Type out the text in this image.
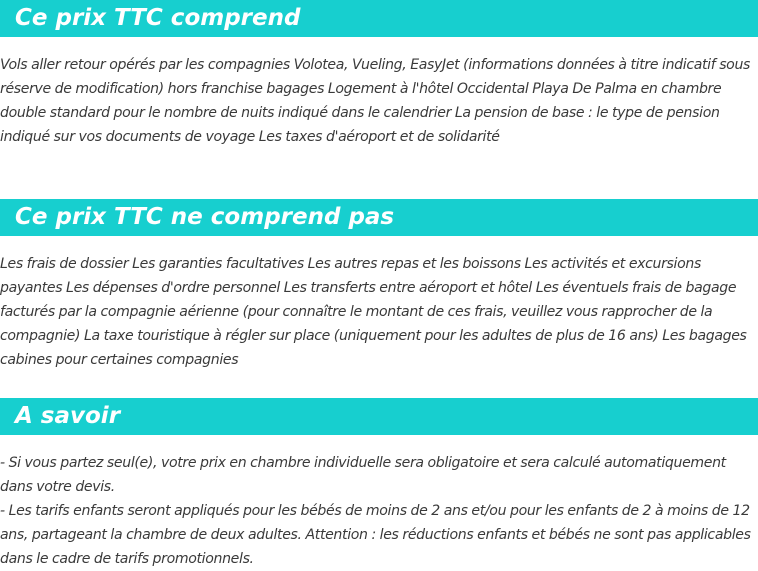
Ce prix TTC comprend

Vols aller retour opérés par les compagnies Volotea, Vueling, EasyJet (informations données à titre indicatif sous réserve de modification) hors franchise bagages Logement à l'hôtel Occidental Playa De Palma en chambre double standard pour le nombre de nuits indiqué dans le calendrier La pension de base : le type de pension indiqué sur vos documents de voyage Les taxes d'aéroport et de solidarité

Ce prix TTC ne comprend pas

Les frais de dossier Les garanties facultatives Les autres repas et les boissons Les activités et excursions payantes Les dépenses d'ordre personnel Les transferts entre aéroport et hôtel Les éventuels frais de bagage facturés par la compagnie aérienne (pour connaître le montant de ces frais, veuillez vous rapprocher de la compagnie) La taxe touristique à régler sur place (uniquement pour les adultes de plus de 16 ans) Les bagages cabines pour certaines compagnies

A savoir

- Si vous partez seul(e), votre prix en chambre individuelle sera obligatoire et sera calculé automatiquement dans votre devis.

- Les tarifs enfants seront appliqués pour les bébés de moins de 2 ans et/ou pour les enfants de 2 à moins de 12 ans, partageant la chambre de deux adultes. Attention : les réductions enfants et bébés ne sont pas applicables dans le cadre de tarifs promotionnels.
